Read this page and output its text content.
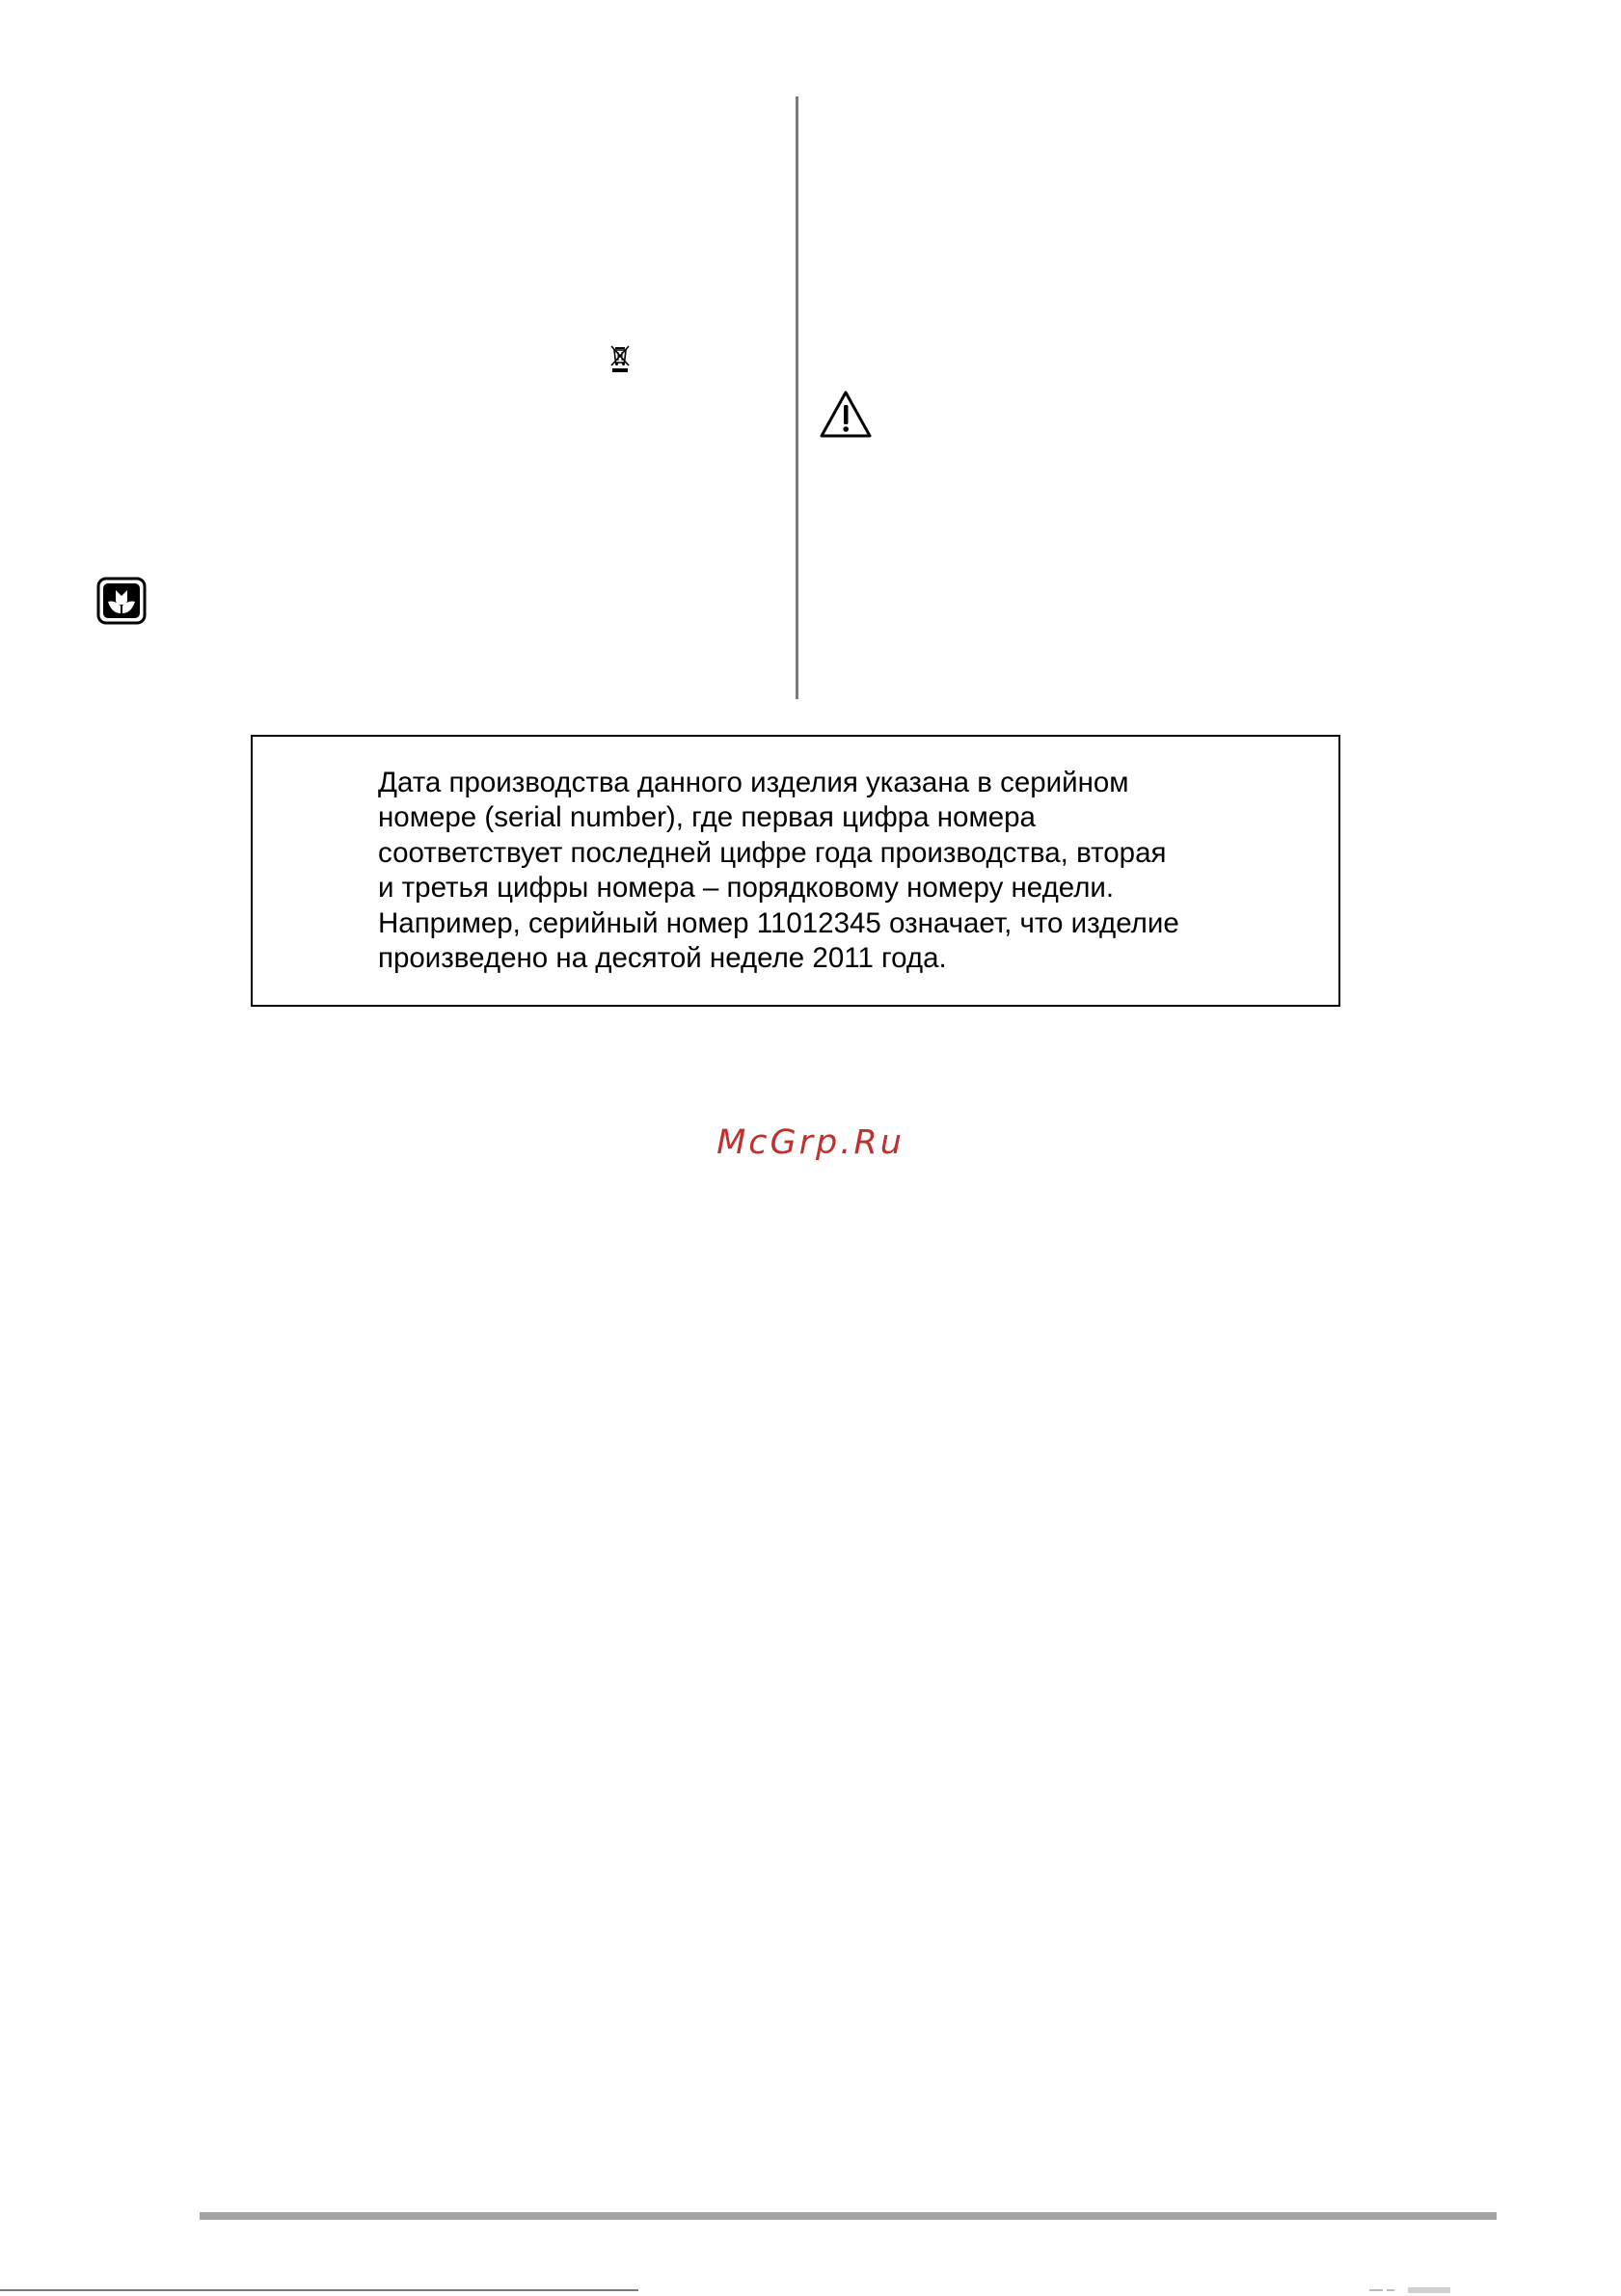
Дата производства данного изделия указана в серийном
номере (serial number), где первая цифра номера
соответствует последней цифре года производства, вторая
и третья цифры номера – порядковому номеру недели.
Например, серийный номер 11012345 означает, что изделие
произведено на десятой неделе 2011 года.

McGrp.Ru
